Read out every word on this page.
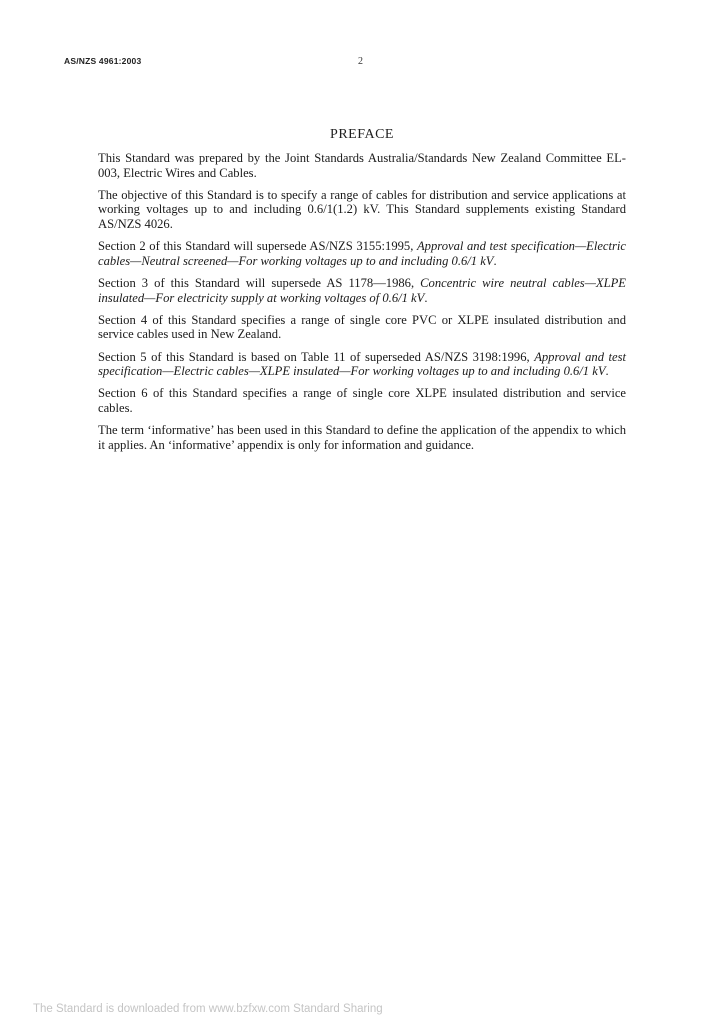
AS/NZS 4961:2003	2
PREFACE

This Standard was prepared by the Joint Standards Australia/Standards New Zealand Committee EL-003, Electric Wires and Cables.

The objective of this Standard is to specify a range of cables for distribution and service applications at working voltages up to and including 0.6/1(1.2) kV. This Standard supplements existing Standard AS/NZS 4026.

Section 2 of this Standard will supersede AS/NZS 3155:1995, Approval and test specification—Electric cables—Neutral screened—For working voltages up to and including 0.6/1 kV.

Section 3 of this Standard will supersede AS 1178—1986, Concentric wire neutral cables—XLPE insulated—For electricity supply at working voltages of 0.6/1 kV.

Section 4 of this Standard specifies a range of single core PVC or XLPE insulated distribution and service cables used in New Zealand.

Section 5 of this Standard is based on Table 11 of superseded AS/NZS 3198:1996, Approval and test specification—Electric cables—XLPE insulated—For working voltages up to and including 0.6/1 kV.

Section 6 of this Standard specifies a range of single core XLPE insulated distribution and service cables.

The term ‘informative’ has been used in this Standard to define the application of the appendix to which it applies. An ‘informative’ appendix is only for information and guidance.

The Standard is downloaded from www.bzfxw.com Standard Sharing
